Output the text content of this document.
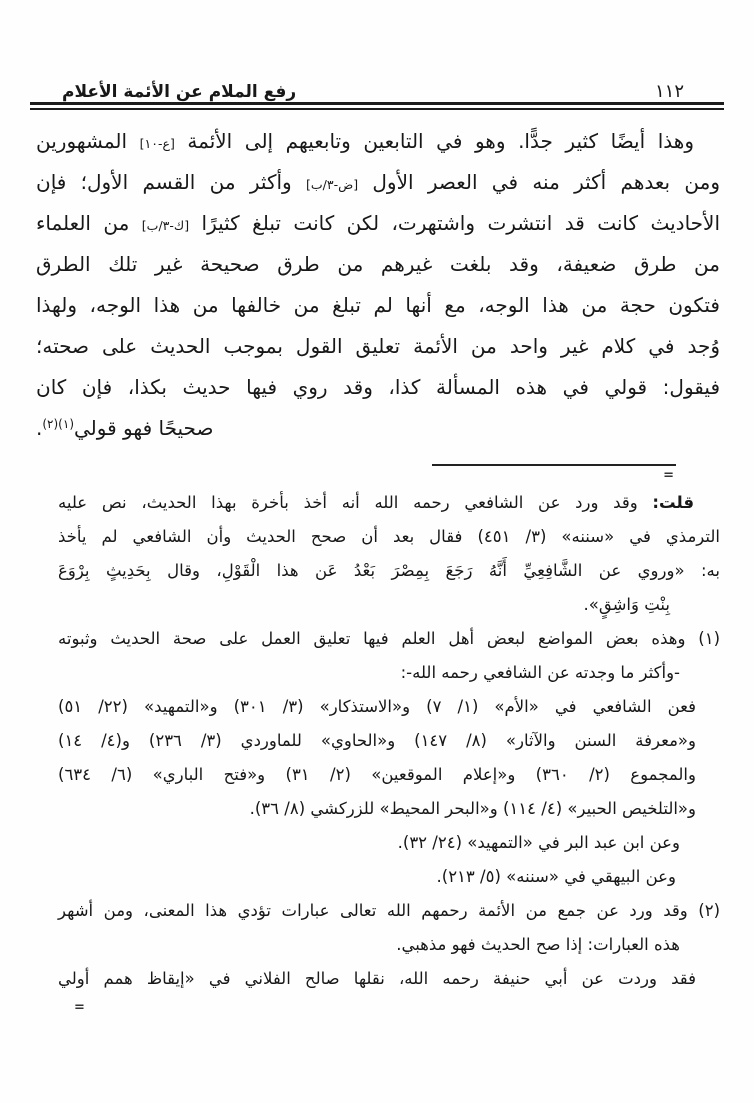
١١٢
رفع الملام عن الأئمة الأعلام
وهذا أيضًا كثير جدًّا. وهو في التابعين وتابعيهم إلى الأئمة [ع-١٠] المشهورين
ومن بعدهم أكثر منه في العصر الأول [ض-٣/ب] وأكثر من القسم الأول؛ فإن
الأحاديث كانت قد انتشرت واشتهرت، لكن كانت تبلغ كثيرًا [ك-٣/ب] من العلماء
من طرق ضعيفة، وقد بلغت غيرهم من طرق صحيحة غير تلك الطرق
فتكون حجة من هذا الوجه، مع أنها لم تبلغ من خالفها من هذا الوجه، ولهذا
وُجد في كلام غير واحد من الأئمة تعليق القول بموجب الحديث على صحته؛
فيقول: قولي في هذه المسألة كذا، وقد روي فيها حديث بكذا، فإن كان
صحيحًا فهو قولي$^{(١)(٢)}$.
=
قلت: وقد ورد عن الشافعي رحمه الله أنه أخذ بأخرة بهذا الحديث، نص عليه
الترمذي في «سننه» (٣/ ٤٥١) فقال بعد أن صحح الحديث وأن الشافعي لم يأخذ
به: «وروي عن الشَّافِعِيِّ أَنَّهُ رَجَعَ بِمِصْرَ بَعْدُ عَن هذا الْقَوْلِ، وقال بِحَدِيثٍ بِرْوَعَ
بِنْتِ وَاشِقٍ».
(١) وهذه بعض المواضع لبعض أهل العلم فيها تعليق العمل على صحة الحديث وثبوته
-وأكثر ما وجدته عن الشافعي رحمه الله-:
فعن الشافعي في «الأم» (١/ ٧) و«الاستذكار» (٣/ ٣٠١) و«التمهيد» (٢٢/ ٥١)
و«معرفة السنن والآثار» (٨/ ١٤٧) و«الحاوي» للماوردي (٣/ ٢٣٦) و(٤/ ١٤)
والمجموع (٢/ ٣٦٠) و«إعلام الموقعين» (٢/ ٣١) و«فتح الباري» (٦/ ٦٣٤)
و«التلخيص الحبير» (٤/ ١١٤) و«البحر المحيط» للزركشي (٨/ ٣٦).
وعن ابن عبد البر في «التمهيد» (٢٤/ ٣٢).
وعن البيهقي في «سننه» (٥/ ٢١٣).
(٢) وقد ورد عن جمع من الأئمة رحمهم الله تعالى عبارات تؤدي هذا المعنى، ومن أشهر
هذه العبارات: إذا صح الحديث فهو مذهبي.
فقد وردت عن أبي حنيفة رحمه الله، نقلها صالح الفلاني في «إيقاظ همم أولي
=
